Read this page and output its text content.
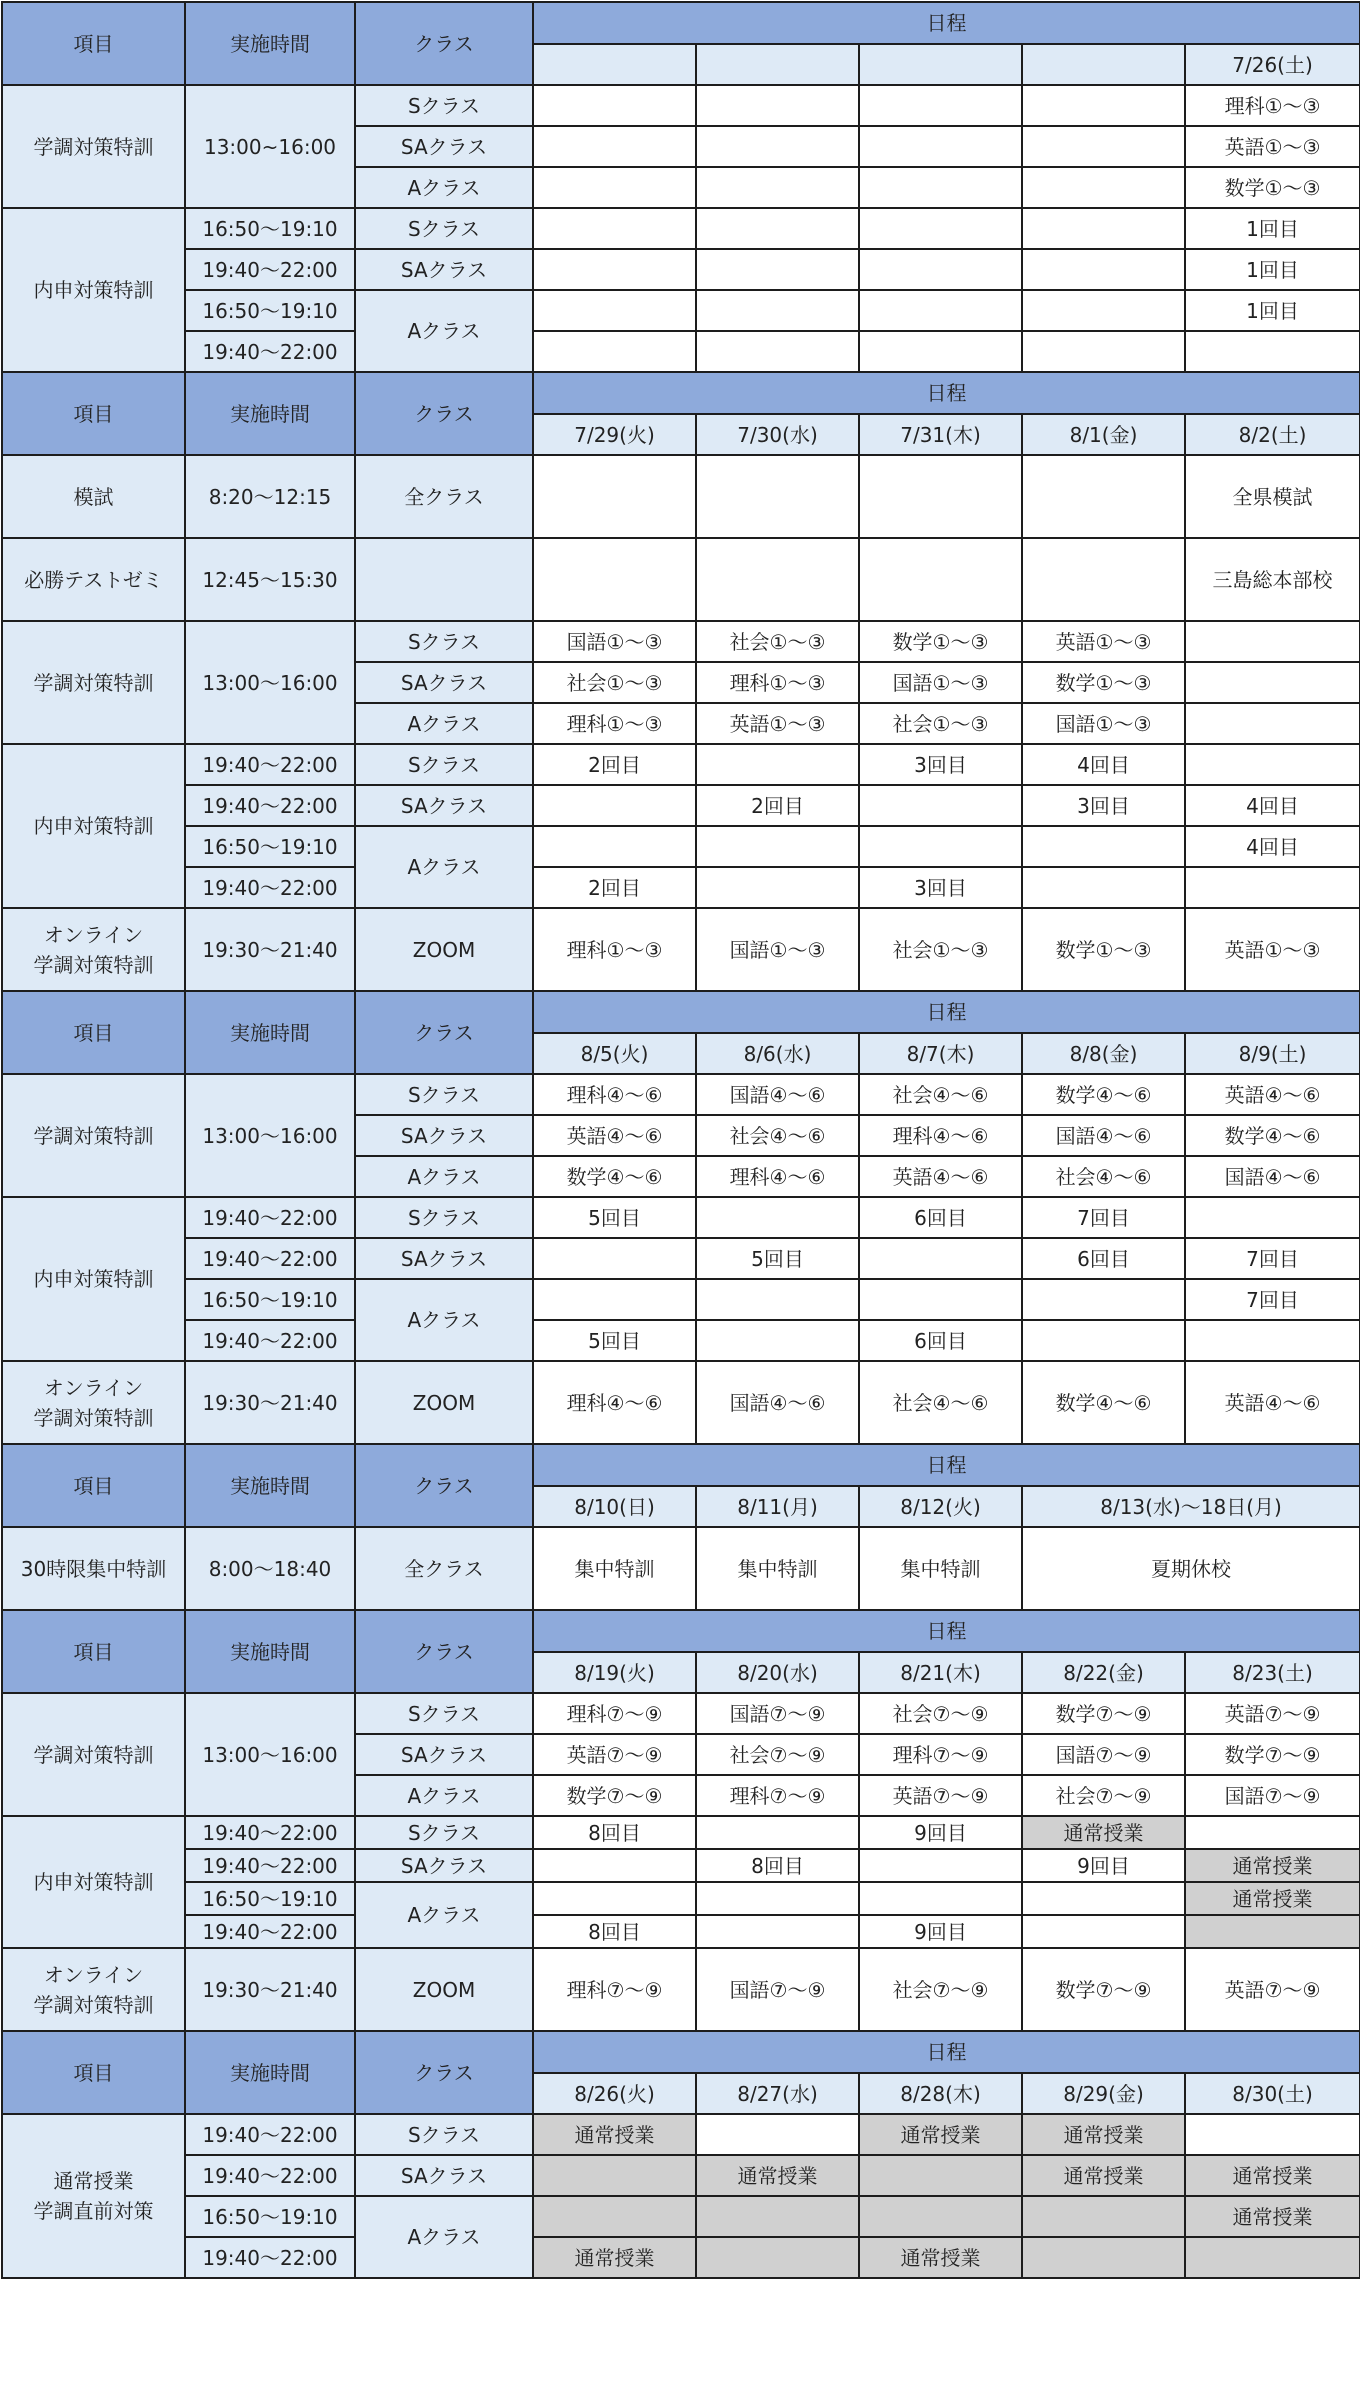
項目	実施時間	クラス	日程				
							7/26(土)
学調対策特訓	13:00~16:00	Sクラス					理科①～③
		SAクラス					英語①～③
		Aクラス					数学①～③
内申対策特訓	16:50～19:10	Sクラス					1回目
	19:40～22:00	SAクラス					1回目
	16:50～19:10	Aクラス					1回目
	19:40～22:00						
項目	実施時間	クラス	日程				
			7/29(火)	7/30(水)	7/31(木)	8/1(金)	8/2(土)
模試	8:20～12:15	全クラス					全県模試
必勝テストゼミ	12:45～15:30						三島総本部校
学調対策特訓	13:00～16:00	Sクラス	国語①～③	社会①～③	数学①～③	英語①～③	
		SAクラス	社会①～③	理科①～③	国語①～③	数学①～③	
		Aクラス	理科①～③	英語①～③	社会①～③	国語①～③	
内申対策特訓	19:40～22:00	Sクラス	2回目		3回目	4回目	
	19:40～22:00	SAクラス		2回目		3回目	4回目
	16:50～19:10	Aクラス					4回目
	19:40～22:00		2回目		3回目		
オンライン
学調対策特訓	19:30～21:40	ZOOM	理科①～③	国語①～③	社会①～③	数学①～③	英語①～③
項目	実施時間	クラス	日程				
			8/5(火)	8/6(水)	8/7(木)	8/8(金)	8/9(土)
学調対策特訓	13:00～16:00	Sクラス	理科④～⑥	国語④～⑥	社会④～⑥	数学④～⑥	英語④～⑥
		SAクラス	英語④～⑥	社会④～⑥	理科④～⑥	国語④～⑥	数学④～⑥
		Aクラス	数学④～⑥	理科④～⑥	英語④～⑥	社会④～⑥	国語④～⑥
内申対策特訓	19:40～22:00	Sクラス	5回目		6回目	7回目	
	19:40～22:00	SAクラス		5回目		6回目	7回目
	16:50～19:10	Aクラス					7回目
	19:40～22:00		5回目		6回目		
オンライン
学調対策特訓	19:30～21:40	ZOOM	理科④～⑥	国語④～⑥	社会④～⑥	数学④～⑥	英語④～⑥
項目	実施時間	クラス	日程				
			8/10(日)	8/11(月)	8/12(火)	8/13(水)～18日(月)	
30時限集中特訓	8:00～18:40	全クラス	集中特訓	集中特訓	集中特訓	夏期休校	
項目	実施時間	クラス	日程				
			8/19(火)	8/20(水)	8/21(木)	8/22(金)	8/23(土)
学調対策特訓	13:00～16:00	Sクラス	理科⑦～⑨	国語⑦～⑨	社会⑦～⑨	数学⑦～⑨	英語⑦～⑨
		SAクラス	英語⑦～⑨	社会⑦～⑨	理科⑦～⑨	国語⑦～⑨	数学⑦～⑨
		Aクラス	数学⑦～⑨	理科⑦～⑨	英語⑦～⑨	社会⑦～⑨	国語⑦～⑨
内申対策特訓	19:40～22:00	Sクラス	8回目		9回目	通常授業	
	19:40～22:00	SAクラス		8回目		9回目	通常授業
	16:50～19:10	Aクラス					通常授業
	19:40～22:00		8回目		9回目		
オンライン
学調対策特訓	19:30～21:40	ZOOM	理科⑦～⑨	国語⑦～⑨	社会⑦～⑨	数学⑦～⑨	英語⑦～⑨
項目	実施時間	クラス	日程				
			8/26(火)	8/27(水)	8/28(木)	8/29(金)	8/30(土)
通常授業
学調直前対策	19:40～22:00	Sクラス	通常授業		通常授業	通常授業	
	19:40～22:00	SAクラス		通常授業		通常授業	通常授業
	16:50～19:10	Aクラス					通常授業
	19:40～22:00		通常授業		通常授業		
